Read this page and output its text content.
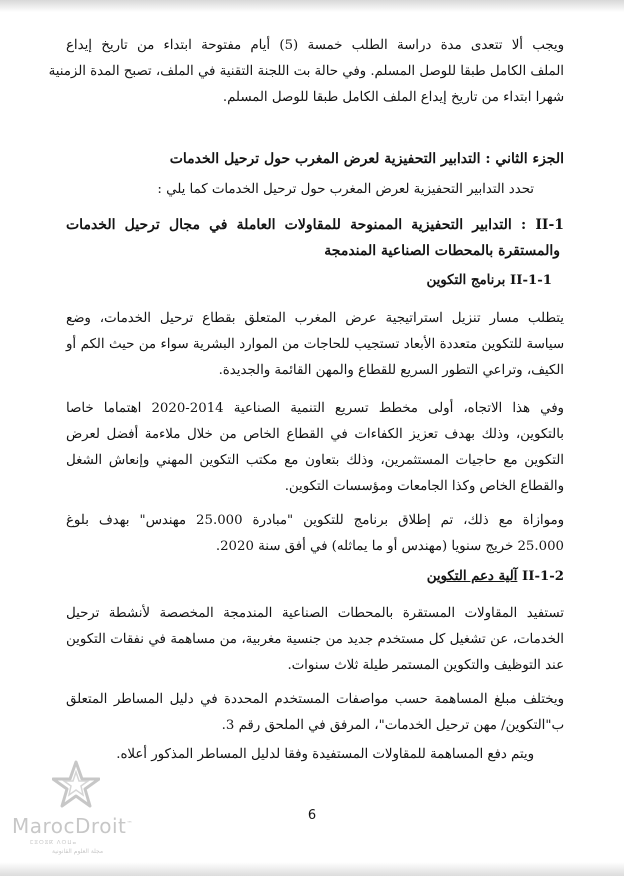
ويجب ألا تتعدى مدة دراسة الطلب خمسة (5) أيام مفتوحة ابتداء من تاريخ إيداع
الملف الكامل طبقا للوصل المسلم. وفي حالة بت اللجنة التقنية في الملف، تصبح المدة الزمنية
شهرا ابتداء من تاريخ إيداع الملف الكامل طبقا للوصل المسلم.
الجزء الثاني : التدابير التحفيزية لعرض المغرب حول ترحيل الخدمات
تحدد التدابير التحفيزية لعرض المغرب حول ترحيل الخدمات كما يلي :
II-1 : التدابير التحفيزية الممنوحة للمقاولات العاملة في مجال ترحيل الخدمات
والمستقرة بالمحطات الصناعية المندمجة
II-1-1 برنامج التكوين
يتطلب مسار تنزيل استراتيجية عرض المغرب المتعلق بقطاع ترحيل الخدمات، وضع
سياسة للتكوين متعددة الأبعاد تستجيب للحاجات من الموارد البشرية سواء من حيث الكم أو
الكيف، وتراعي التطور السريع للقطاع والمهن القائمة والجديدة.
وفي هذا الاتجاه، أولى مخطط تسريع التنمية الصناعية 2014-2020 اهتماما خاصا
بالتكوين، وذلك بهدف تعزيز الكفاءات في القطاع الخاص من خلال ملاءمة أفضل لعرض
التكوين مع حاجيات المستثمرين، وذلك بتعاون مع مكتب التكوين المهني وإنعاش الشغل
والقطاع الخاص وكذا الجامعات ومؤسسات التكوين.
وموازاة مع ذلك، تم إطلاق برنامج للتكوين "مبادرة 25.000 مهندس" بهدف بلوغ
25.000 خريج سنويا (مهندس أو ما يماثله) في أفق سنة 2020.
II-1-2 آلية دعم التكوين
تستفيد المقاولات المستقرة بالمحطات الصناعية المندمجة المخصصة لأنشطة ترحيل
الخدمات، عن تشغيل كل مستخدم جديد من جنسية مغربية، من مساهمة في نفقات التكوين
عند التوظيف والتكوين المستمر طيلة ثلاث سنوات.
ويختلف مبلغ المساهمة حسب مواصفات المستخدم المحددة في دليل المساطر المتعلق
ب"التكوين/ مهن ترحيل الخدمات"، المرفق في الملحق رقم 3.
ويتم دفع المساهمة للمقاولات المستفيدة وفقا لدليل المساطر المذكور أعلاه.
6
MarocDroit™
ⵎⵓⵔⵓⴽ ⴷⵔⵡⴰ
مجلة العلوم القانونية
